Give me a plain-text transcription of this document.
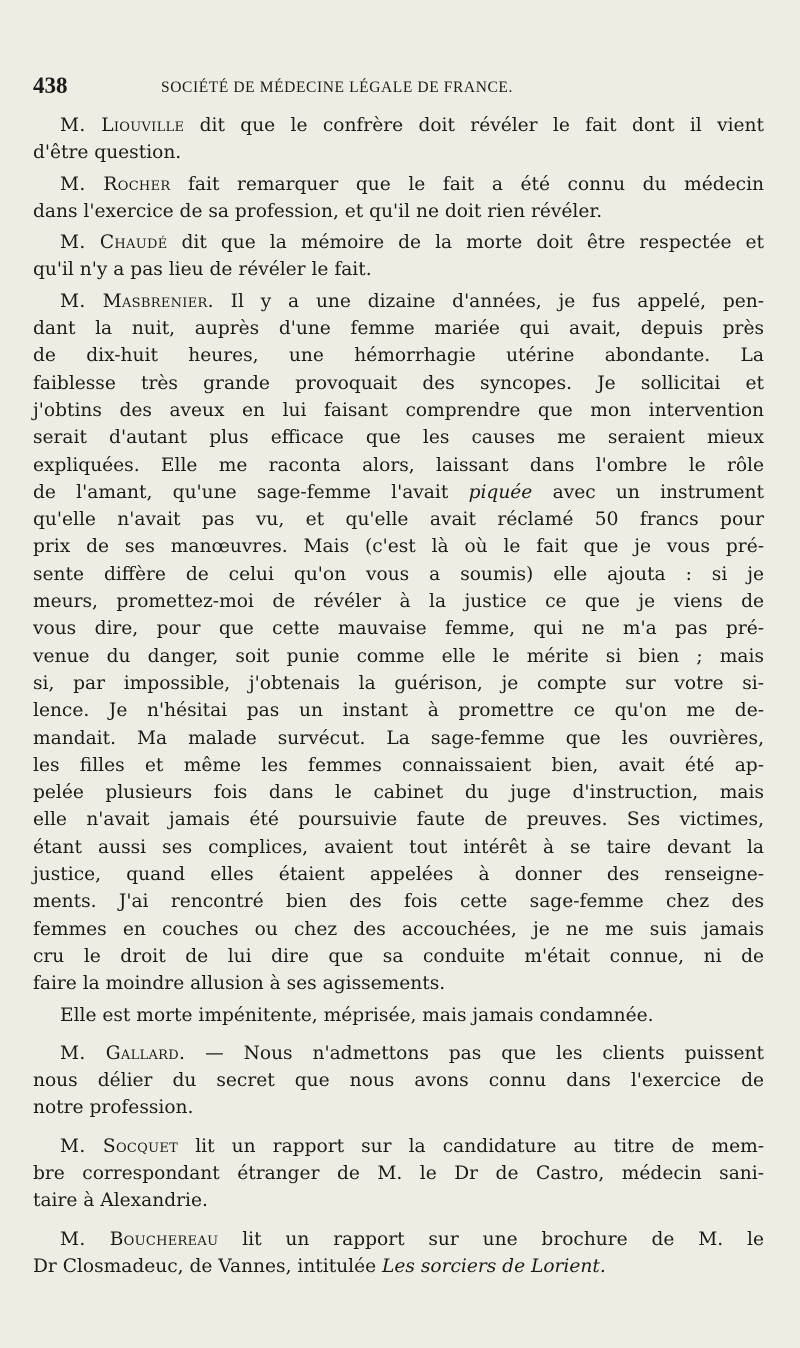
438	SOCIÉTÉ DE MÉDECINE LÉGALE DE FRANCE.

M. Liouville dit que le confrère doit révéler le fait dont il vient
d'être question.

M. Rocher fait remarquer que le fait a été connu du médecin
dans l'exercice de sa profession, et qu'il ne doit rien révéler.

M. Chaudé dit que la mémoire de la morte doit être respectée et
qu'il n'y a pas lieu de révéler le fait.

M. Masbrenier. Il y a une dizaine d'années, je fus appelé, pen-
dant la nuit, auprès d'une femme mariée qui avait, depuis près
de dix-huit heures, une hémorrhagie utérine abondante. La
faiblesse très grande provoquait des syncopes. Je sollicitai et
j'obtins des aveux en lui faisant comprendre que mon intervention
serait d'autant plus efficace que les causes me seraient mieux
expliquées. Elle me raconta alors, laissant dans l'ombre le rôle
de l'amant, qu'une sage-femme l'avait piquée avec un instrument
qu'elle n'avait pas vu, et qu'elle avait réclamé 50 francs pour
prix de ses manœuvres. Mais (c'est là où le fait que je vous pré-
sente diffère de celui qu'on vous a soumis) elle ajouta : si je
meurs, promettez-moi de révéler à la justice ce que je viens de
vous dire, pour que cette mauvaise femme, qui ne m'a pas pré-
venue du danger, soit punie comme elle le mérite si bien ; mais
si, par impossible, j'obtenais la guérison, je compte sur votre si-
lence. Je n'hésitai pas un instant à promettre ce qu'on me de-
mandait. Ma malade survécut. La sage-femme que les ouvrières,
les filles et même les femmes connaissaient bien, avait été ap-
pelée plusieurs fois dans le cabinet du juge d'instruction, mais
elle n'avait jamais été poursuivie faute de preuves. Ses victimes,
étant aussi ses complices, avaient tout intérêt à se taire devant la
justice, quand elles étaient appelées à donner des renseigne-
ments. J'ai rencontré bien des fois cette sage-femme chez des
femmes en couches ou chez des accouchées, je ne me suis jamais
cru le droit de lui dire que sa conduite m'était connue, ni de
faire la moindre allusion à ses agissements.

Elle est morte impénitente, méprisée, mais jamais condamnée.

M. Gallard. — Nous n'admettons pas que les clients puissent
nous délier du secret que nous avons connu dans l'exercice de
notre profession.

M. Socquet lit un rapport sur la candidature au titre de mem-
bre correspondant étranger de M. le Dr de Castro, médecin sani-
taire à Alexandrie.

M. Bouchereau lit un rapport sur une brochure de M. le
Dr Closmadeuc, de Vannes, intitulée Les sorciers de Lorient.
